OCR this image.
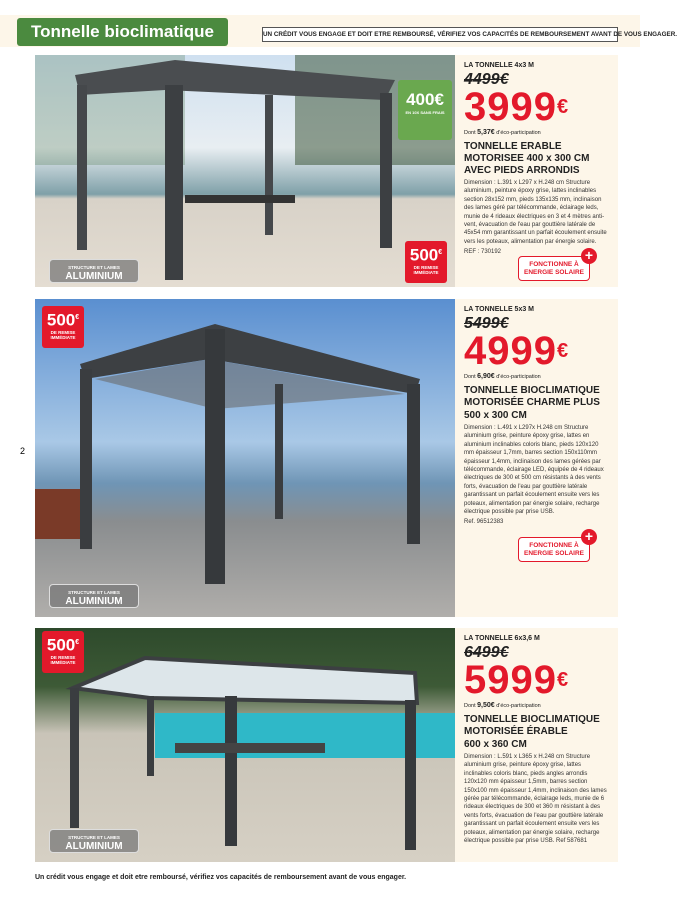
Tonnelle bioclimatique	UN CRÉDIT VOUS ENGAGE ET DOIT ETRE REMBOURSÉ, VÉRIFIEZ VOS CAPACITÉS DE REMBOURSEMENT AVANT DE VOUS ENGAGER.
2
STRUCTURE ET LAMES
ALUMINIUM
500€
DE REMISE IMMÉDIATE
400€
EN 10X SANS FRAIS
LA TONNELLE 4x3 M
4499€
3999€
Dont 5,37€ d'éco-participation
TONNELLE ERABLE MOTORISEE 400 x 300 CM AVEC PIEDS ARRONDIS
Dimension : L.391 x L297 x H.248 cm Structure aluminium, peinture époxy grise, lattes inclinables section 28x152 mm, pieds 135x135 mm, inclinaison des lames géré par télécommande, éclairage leds, munie de 4 rideaux électriques en 3 et 4 mètres anti-vent, évacuation de l'eau par gouttière latérale de 45x54 mm garantissant un parfait écoulement ensuite vers les poteaux, alimentation par énergie solaire.
REF : 730192
FONCTIONNE À ENERGIE SOLAIRE
+
500€
DE REMISE IMMÉDIATE
STRUCTURE ET LAMES
ALUMINIUM
LA TONNELLE 5x3 M
5499€
4999€
Dont 6,90€ d'éco-participation
TONNELLE BIOCLIMATIQUE MOTORISÉE CHARME PLUS
500 x 300 CM
Dimension : L.491 x L297x H.248 cm Structure aluminium grise, peinture époxy grise, lattes en aluminium inclinables coloris blanc, pieds 120x120 mm épaisseur 1,7mm, barres section 150x110mm épaisseur 1,4mm, inclinaison des lames gérées par télécommande, éclairage LED, équipée de 4 rideaux électriques de 300 et 500 cm résistants à des vents forts, évacuation de l'eau par gouttière latérale garantissant un parfait écoulement ensuite vers les poteaux, alimentation par énergie solaire, recharge électrique possible par prise USB.
Ref. 96512383
FONCTIONNE À ENERGIE SOLAIRE
+
500€
DE REMISE IMMÉDIATE
STRUCTURE ET LAMES
ALUMINIUM
LA TONNELLE 6x3,6 M
6499€
5999€
Dont 9,50€ d'éco-participation
TONNELLE BIOCLIMATIQUE MOTORISÉE ÉRABLE
600 x 360 CM
Dimension : L.591 x L365 x H.248 cm Structure aluminium grise, peinture époxy grise, lattes inclinables coloris blanc, pieds angles arrondis 120x120 mm épaisseur 1,5mm, barres section 150x100 mm épaisseur 1,4mm, inclinaison des lames gérée par télécommande, éclairage leds, munie de 6 rideaux électriques de 300 et 360 m résistant à des vents forts, évacuation de l'eau par gouttière latérale garantissant un parfait écoulement ensuite vers les poteaux, alimentation par énergie solaire, recharge électrique possible par prise USB. Ref 587681
Un crédit vous engage et doit etre remboursé, vérifiez vos capacités de remboursement avant de vous engager.
